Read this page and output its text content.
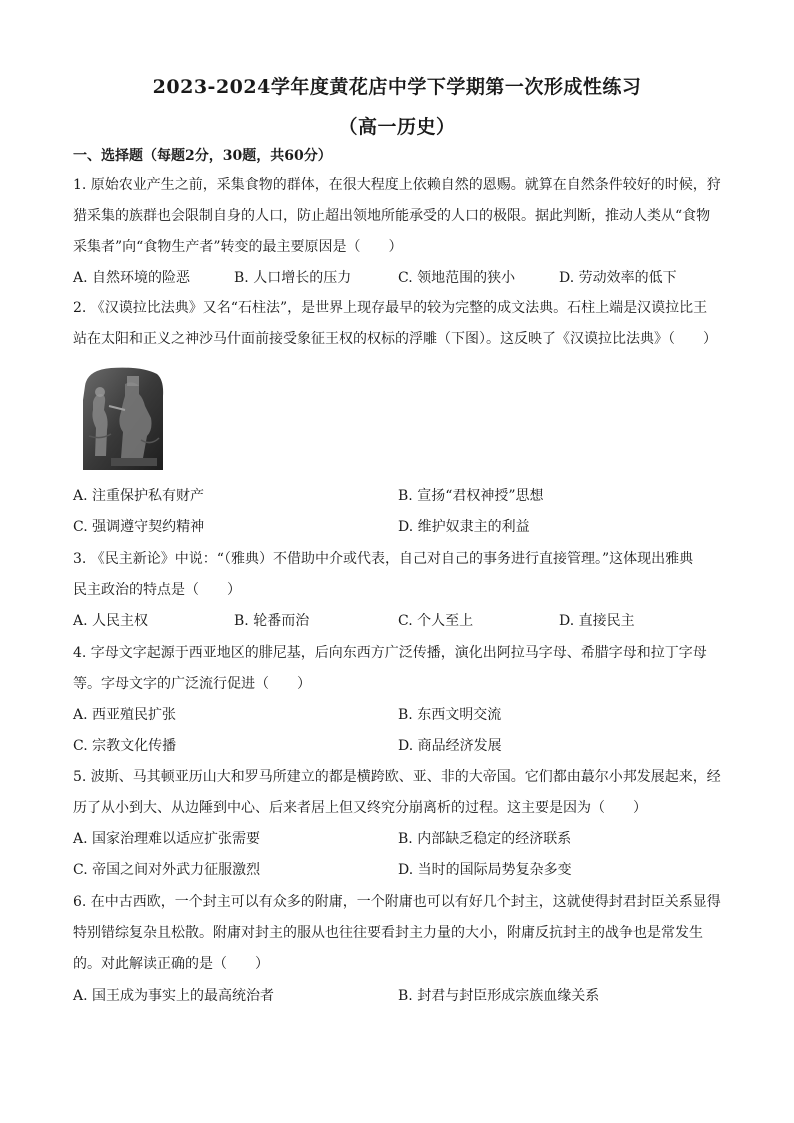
2023-2024学年度黄花店中学下学期第一次形成性练习
（高一历史）
一、选择题（每题2分，30题，共60分）
1. 原始农业产生之前，采集食物的群体，在很大程度上依赖自然的恩赐。就算在自然条件较好的时候，狩
猎采集的族群也会限制自身的人口，防止超出领地所能承受的人口的极限。据此判断，推动人类从“食物
采集者”向“食物生产者”转变的最主要原因是（　　）
A. 自然环境的险恶	B. 人口增长的压力	C. 领地范围的狭小	D. 劳动效率的低下
2. 《汉谟拉比法典》又名“石柱法”，是世界上现存最早的较为完整的成文法典。石柱上端是汉谟拉比王
站在太阳和正义之神沙马什面前接受象征王权的权标的浮雕（下图）。这反映了《汉谟拉比法典》（　　）
A. 注重保护私有财产	B. 宣扬“君权神授”思想
C. 强调遵守契约精神	D. 维护奴隶主的利益
3. 《民主新论》中说：“（雅典）不借助中介或代表，自己对自己的事务进行直接管理。”这体现出雅典
民主政治的特点是（　　）
A. 人民主权	B. 轮番而治	C. 个人至上	D. 直接民主
4. 字母文字起源于西亚地区的腓尼基，后向东西方广泛传播，演化出阿拉马字母、希腊字母和拉丁字母
等。字母文字的广泛流行促进（　　）
A. 西亚殖民扩张	B. 东西文明交流
C. 宗教文化传播	D. 商品经济发展
5. 波斯、马其顿亚历山大和罗马所建立的都是横跨欧、亚、非的大帝国。它们都由蕞尔小邦发展起来，经
历了从小到大、从边陲到中心、后来者居上但又终究分崩离析的过程。这主要是因为（　　）
A. 国家治理难以适应扩张需要	B. 内部缺乏稳定的经济联系
C. 帝国之间对外武力征服激烈	D. 当时的国际局势复杂多变
6. 在中古西欧，一个封主可以有众多的附庸，一个附庸也可以有好几个封主，这就使得封君封臣关系显得
特别错综复杂且松散。附庸对封主的服从也往往要看封主力量的大小，附庸反抗封主的战争也是常发生
的。对此解读正确的是（　　）
A. 国王成为事实上的最高统治者	B. 封君与封臣形成宗族血缘关系
